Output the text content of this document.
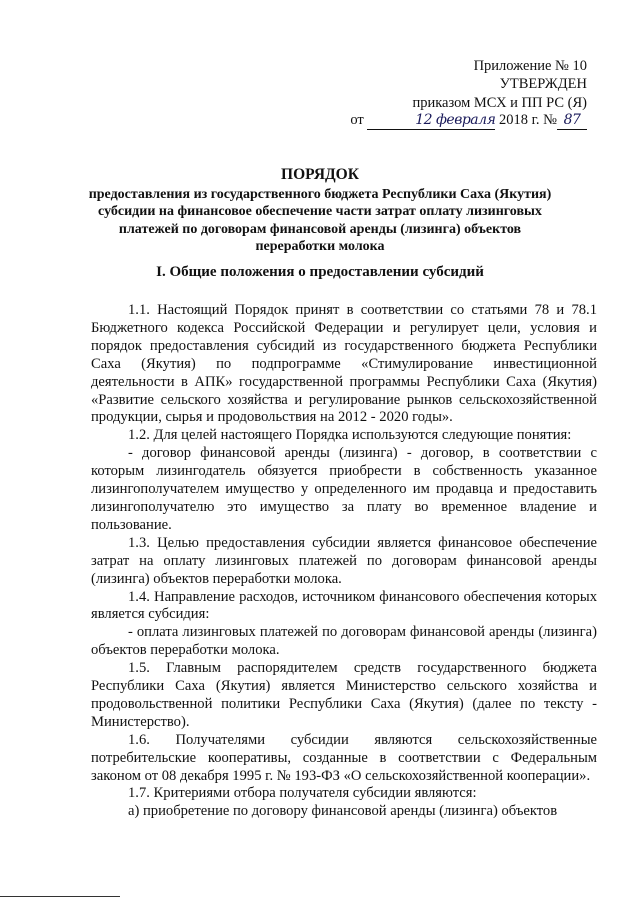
Приложение № 10
УТВЕРЖДЕН
приказом МСХ и ПП РС (Я)
от	12 февраля 2018 г. № 87
ПОРЯДОК
предоставления из государственного бюджета Республики Саха (Якутия)
субсидии на финансовое обеспечение части затрат оплату лизинговых
платежей по договорам финансовой аренды (лизинга) объектов
переработки молока
I. Общие положения о предоставлении субсидий

1.1. Настоящий Порядок принят в соответствии со статьями 78 и 78.1 Бюджетного кодекса Российской Федерации и регулирует цели, условия и порядок предоставления субсидий из государственного бюджета Республики Саха (Якутия) по подпрограмме «Стимулирование инвестиционной деятельности в АПК» государственной программы Республики Саха (Якутия) «Развитие сельского хозяйства и регулирование рынков сельскохозяйственной продукции, сырья и продовольствия на 2012 - 2020 годы».

1.2. Для целей настоящего Порядка используются следующие понятия:

- договор финансовой аренды (лизинга) - договор, в соответствии с которым лизингодатель обязуется приобрести в собственность указанное лизингополучателем имущество у определенного им продавца и предоставить лизингополучателю это имущество за плату во временное владение и пользование.

1.3. Целью предоставления субсидии является финансовое обеспечение затрат на оплату лизинговых платежей по договорам финансовой аренды (лизинга) объектов переработки молока.

1.4. Направление расходов, источником финансового обеспечения которых является субсидия:

- оплата лизинговых платежей по договорам финансовой аренды (лизинга) объектов переработки молока.

1.5. Главным распорядителем средств государственного бюджета Республики Саха (Якутия) является Министерство сельского хозяйства и продовольственной политики Республики Саха (Якутия) (далее по тексту - Министерство).

1.6. Получателями субсидии являются сельскохозяйственные потребительские кооперативы, созданные в соответствии с Федеральным законом от 08 декабря 1995 г. № 193-ФЗ «О сельскохозяйственной кооперации».

1.7. Критериями отбора получателя субсидии являются:

а) приобретение по договору финансовой аренды (лизинга) объектов
